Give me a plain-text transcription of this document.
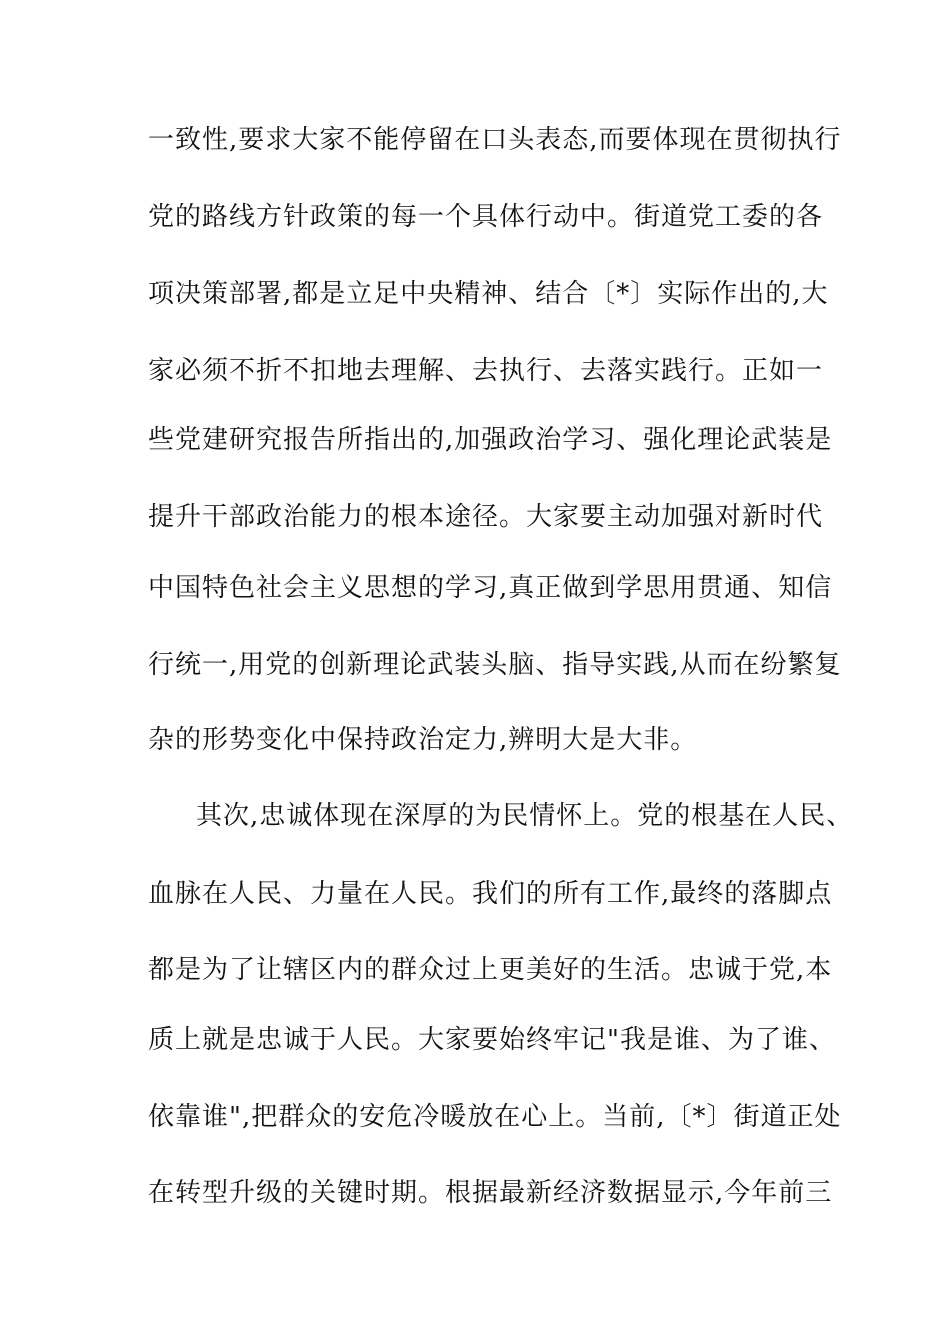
一致性,要求大家不能停留在口头表态,而要体现在贯彻执行
党的路线方针政策的每一个具体行动中。街道党工委的各
项决策部署,都是立足中央精神、结合〔*〕实际作出的,大
家必须不折不扣地去理解、去执行、去落实践行。正如一
些党建研究报告所指出的,加强政治学习、强化理论武装是
提升干部政治能力的根本途径。大家要主动加强对新时代
中国特色社会主义思想的学习,真正做到学思用贯通、知信
行统一,用党的创新理论武装头脑、指导实践,从而在纷繁复
杂的形势变化中保持政治定力,辨明大是大非。
其次,忠诚体现在深厚的为民情怀上。党的根基在人民、
血脉在人民、力量在人民。我们的所有工作,最终的落脚点
都是为了让辖区内的群众过上更美好的生活。忠诚于党,本
质上就是忠诚于人民。大家要始终牢记"我是谁、为了谁、
依靠谁",把群众的安危冷暖放在心上。当前,〔*〕街道正处
在转型升级的关键时期。根据最新经济数据显示,今年前三
